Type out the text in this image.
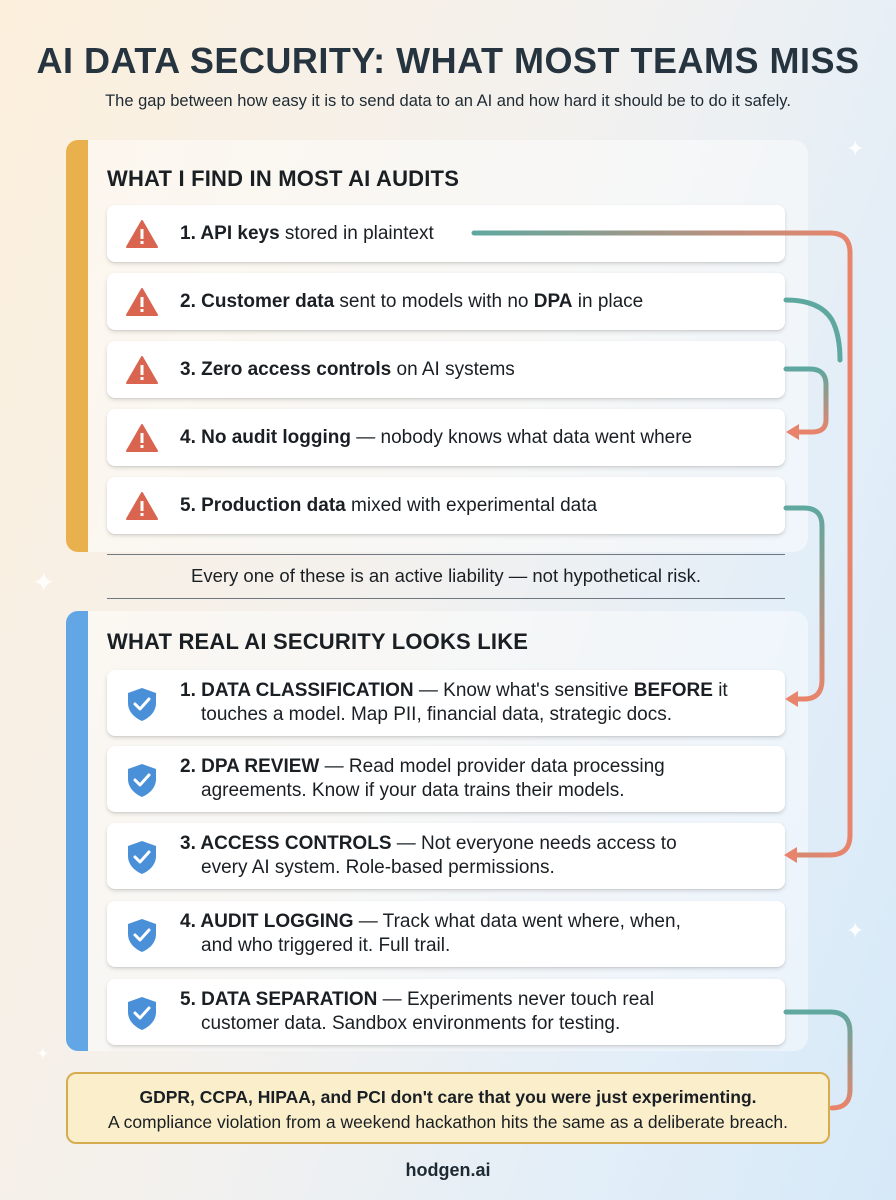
✦
✦
✦
✦
AI DATA SECURITY: WHAT MOST TEAMS MISS
The gap between how easy it is to send data to an AI and how hard it should be to do it safely.
WHAT I FIND IN MOST AI AUDITS
1. API keys stored in plaintext
2. Customer data sent to models with no DPA in place
3. Zero access controls on AI systems
4. No audit logging — nobody knows what data went where
5. Production data mixed with experimental data
Every one of these is an active liability — not hypothetical risk.
WHAT REAL AI SECURITY LOOKS LIKE
1. DATA CLASSIFICATION — Know what's sensitive BEFORE it
touches a model. Map PII, financial data, strategic docs.
2. DPA REVIEW — Read model provider data processing
agreements. Know if your data trains their models.
3. ACCESS CONTROLS — Not everyone needs access to
every AI system. Role-based permissions.
4. AUDIT LOGGING — Track what data went where, when,
and who triggered it. Full trail.
5. DATA SEPARATION — Experiments never touch real
customer data. Sandbox environments for testing.
GDPR, CCPA, HIPAA, and PCI don't care that you were just experimenting.
A compliance violation from a weekend hackathon hits the same as a deliberate breach.
hodgen.ai
